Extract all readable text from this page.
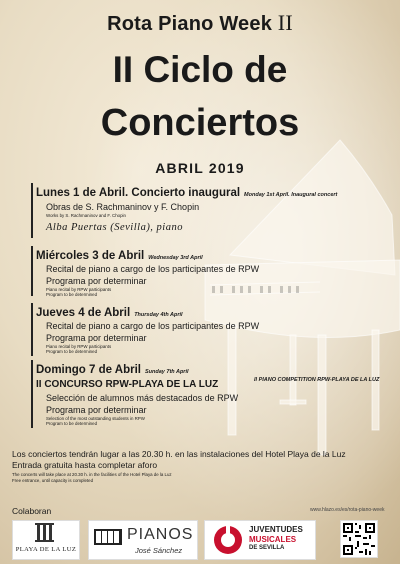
Rota Piano Week II
II Ciclo de
Conciertos
ABRIL 2019
Lunes 1 de Abril. Concierto inaugural Monday 1st April. Inaugural concert
Obras de S. Rachmaninov y F. Chopin
Works by S. Rachmaninov and F. Chopin
Alba Puertas (Sevilla), piano
Miércoles 3 de Abril Wednesday 3rd April
Recital de piano a cargo de los participantes de RPW
Programa por determinar
Piano recital by RPW participants
Program to be determined
Jueves 4 de Abril Thursday 4th April
Recital de piano a cargo de los participantes de RPW
Programa por determinar
Piano recital by RPW participants
Program to be determined
Domingo 7 de Abril Sunday 7th April
II CONCURSO RPW-PLAYA DE LA LUZ	II PIANO COMPETITION RPW-PLAYA DE LA LUZ
Selección de alumnos más destacados de RPW
Programa por determinar
Selection of the most outstanding students in RPW
Program to be determined
Los conciertos tendrán lugar a las 20.30 h. en las instalaciones del Hotel Playa de la Luz
Entrada gratuita hasta completar aforo
The concerts will take place at 20.30 h. in the facilities of the Hotel Playa de la Luz
Free entrance, until capacity is completed
www.hlazo.es/es/rota-piano-week
Colaboran
PLAYA DE LA LUZ
PIANOS
José Sánchez
JUVENTUDES
MUSICALES
DE SEVILLA
